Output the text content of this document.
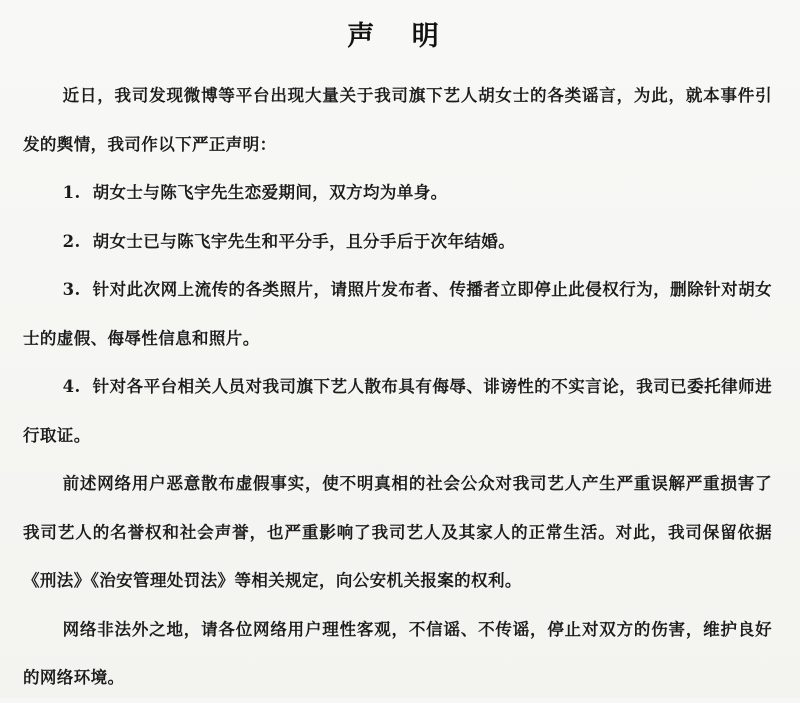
声 明

近日，我司发现微博等平台出现大量关于我司旗下艺人胡女士的各类谣言，为此，就本事件引发的舆情，我司作以下严正声明：

1. 胡女士与陈飞宇先生恋爱期间，双方均为单身。

2. 胡女士已与陈飞宇先生和平分手，且分手后于次年结婚。

3. 针对此次网上流传的各类照片，请照片发布者、传播者立即停止此侵权行为，删除针对胡女士的虚假、侮辱性信息和照片。

4. 针对各平台相关人员对我司旗下艺人散布具有侮辱、诽谤性的不实言论，我司已委托律师进行取证。

前述网络用户恶意散布虚假事实，使不明真相的社会公众对我司艺人产生严重误解严重损害了我司艺人的名誉权和社会声誉，也严重影响了我司艺人及其家人的正常生活。对此，我司保留依据《刑法》《治安管理处罚法》等相关规定，向公安机关报案的权利。

网络非法外之地，请各位网络用户理性客观，不信谣、不传谣，停止对双方的伤害，维护良好的网络环境。
